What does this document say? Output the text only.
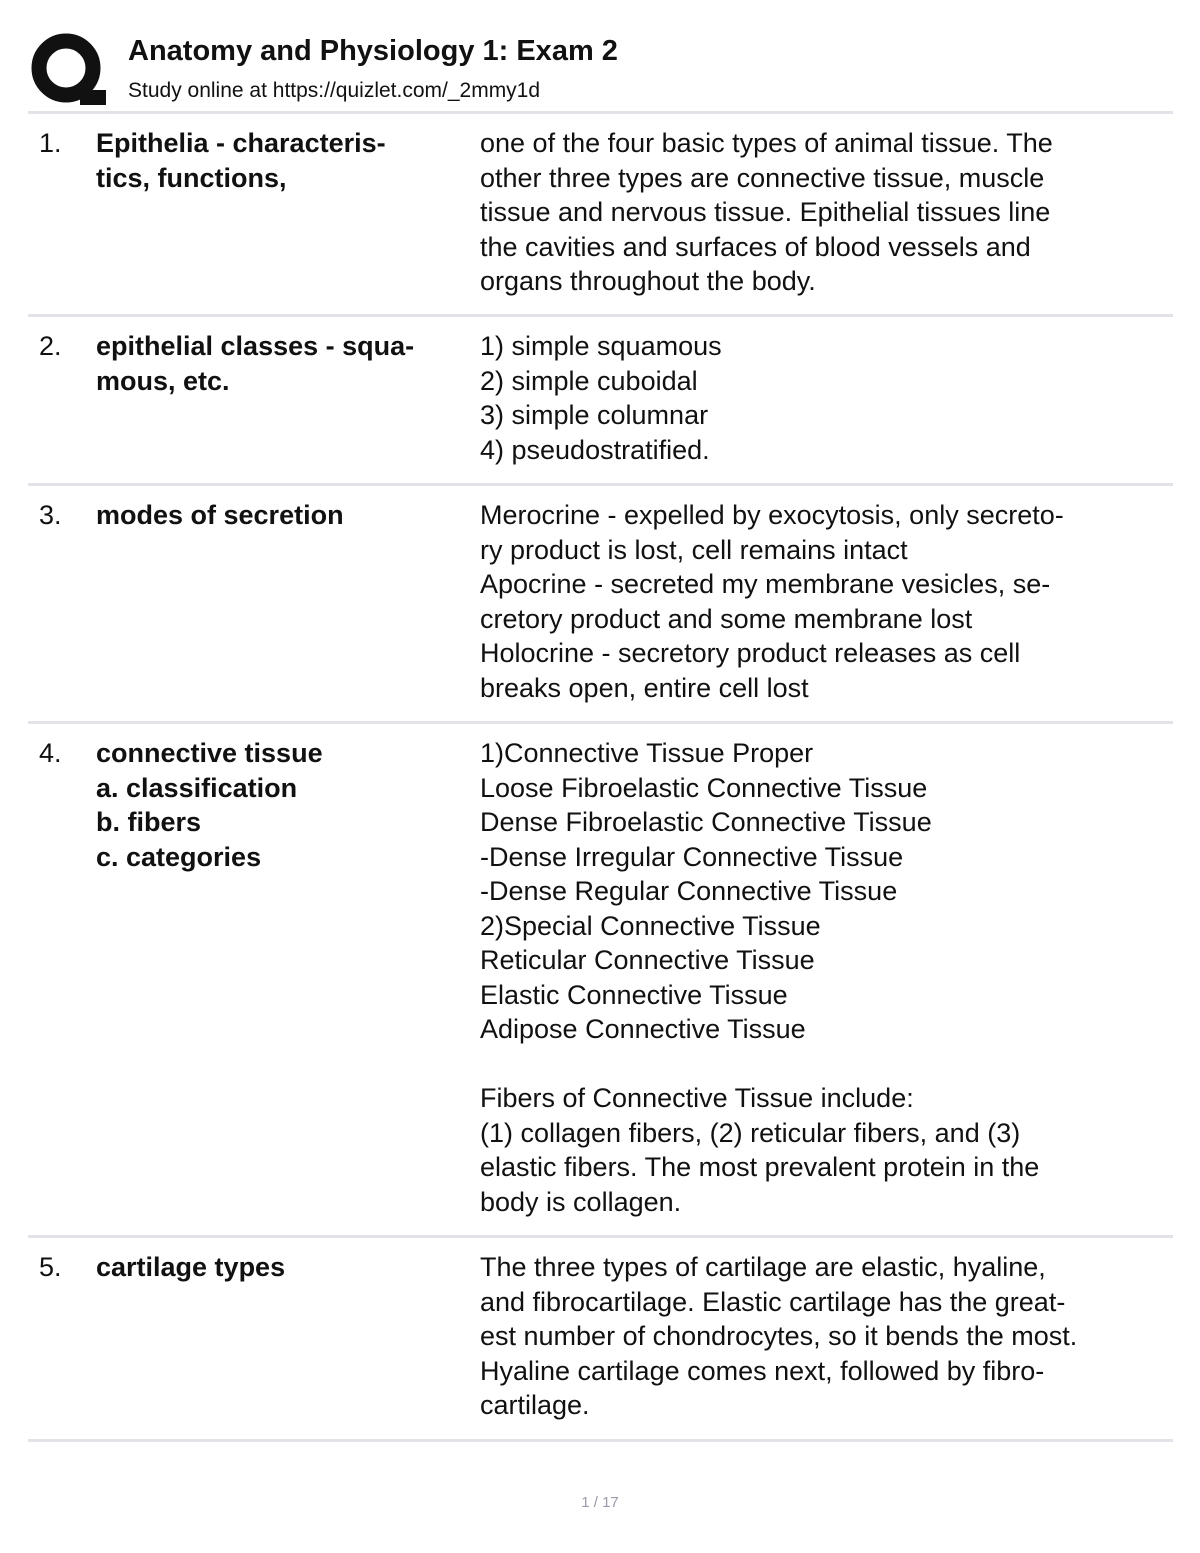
Anatomy and Physiology 1: Exam 2
Study online at https://quizlet.com/_2mmy1d
1. Epithelia - characteris-
tics, functions,
one of the four basic types of animal tissue. The
other three types are connective tissue, muscle
tissue and nervous tissue. Epithelial tissues line
the cavities and surfaces of blood vessels and
organs throughout the body.
2. epithelial classes - squa-
mous, etc.
1) simple squamous
2) simple cuboidal
3) simple columnar
4) pseudostratified.
3. modes of secretion	Merocrine - expelled by exocytosis, only secreto-
ry product is lost, cell remains intact
Apocrine - secreted my membrane vesicles, se-
cretory product and some membrane lost
Holocrine - secretory product releases as cell
breaks open, entire cell lost
4. connective tissue
a. classification
b. fibers
c. categories
1)Connective Tissue Proper
Loose Fibroelastic Connective Tissue
Dense Fibroelastic Connective Tissue
-Dense Irregular Connective Tissue
-Dense Regular Connective Tissue
2)Special Connective Tissue
Reticular Connective Tissue
Elastic Connective Tissue
Adipose Connective Tissue

Fibers of Connective Tissue include:
(1) collagen fibers, (2) reticular fibers, and (3)
elastic fibers. The most prevalent protein in the
body is collagen.
5. cartilage types	The three types of cartilage are elastic, hyaline,
and fibrocartilage. Elastic cartilage has the great-
est number of chondrocytes, so it bends the most.
Hyaline cartilage comes next, followed by fibro-
cartilage.
1 / 17
